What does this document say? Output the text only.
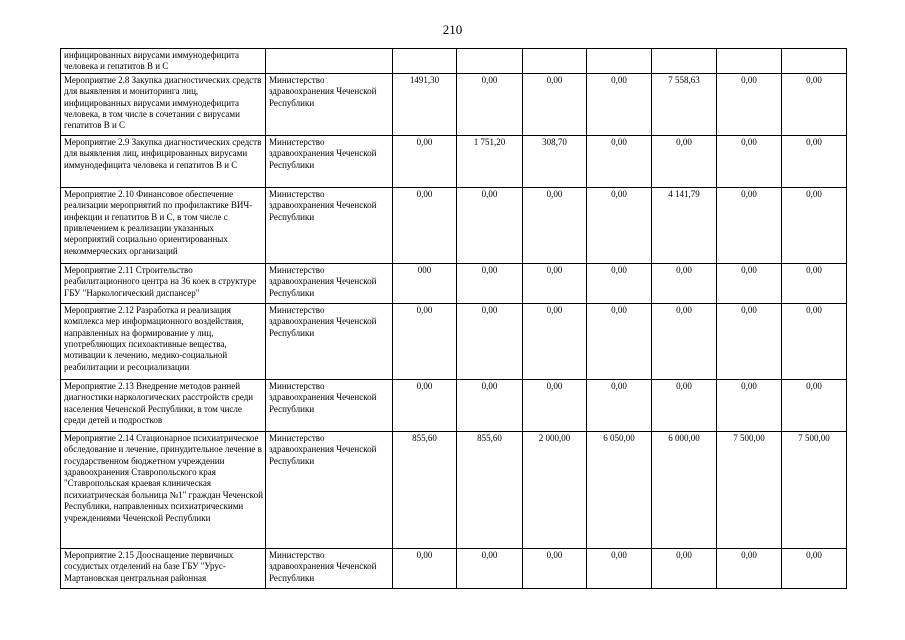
210
инфицированных вирусами иммунодефицита человека и гепатитов В и С								
Мероприятие 2.8 Закупка диагностических средств для выявления и мониторинга лиц, инфицированных вирусами иммунодефицита человека, в том числе в сочетании с вирусами гепатитов В и С	Министерство здравоохранения Чеченской Республики	1491,30	0,00	0,00	0,00	7 558,63	0,00	0,00
Мероприятие 2.9 Закупка диагностических средств для выявления лиц, инфицированных вирусами иммунодефицита человека и гепатитов В и С	Министерство здравоохранения Чеченской Республики	0,00	1 751,20	308,70	0,00	0,00	0,00	0,00
Мероприятие 2.10 Финансовое обеспечение реализации мероприятий по профилактике ВИЧ-инфекции и гепатитов В и С, в том числе с привлечением к реализации указанных мероприятий социально ориентированных некоммерческих организаций	Министерство здравоохранения Чеченской Республики	0,00	0,00	0,00	0,00	4 141,79	0,00	0,00
Мероприятие 2.11 Строительство реабилитационного центра на 36 коек в структуре ГБУ "Наркологический диспансер"	Министерство здравоохранения Чеченской Республики	000	0,00	0,00	0,00	0,00	0,00	0,00
Мероприятие 2.12 Разработка и реализация комплекса мер информационного воздействия, направленных на формирование у лиц, употребляющих психоактивные вещества, мотивации к лечению, медико-социальной реабилитации и ресоциализации	Министерство здравоохранения Чеченской Республики	0,00	0,00	0,00	0,00	0,00	0,00	0,00
Мероприятие 2.13 Внедрение методов ранней диагностики наркологических расстройств среди населения Чеченской Республики, в том числе среди детей и подростков	Министерство здравоохранения Чеченской Республики	0,00	0,00	0,00	0,00	0,00	0,00	0,00
Мероприятие 2.14 Стационарное психиатрическое обследование и лечение, принудительное лечение в государственном бюджетном учреждении здравоохранения Ставропольского края "Ставропольская краевая клиническая психиатрическая больница №1" граждан Чеченской Республики, направленных психиатрическими учреждениями Чеченской Республики	Министерство здравоохранения Чеченской Республики	855,60	855,60	2 000,00	6 050,00	6 000,00	7 500,00	7 500,00
Мероприятие 2.15 Дооснащение первичных сосудистых отделений на базе ГБУ "Урус-Мартановская центральная районная	Министерство здравоохранения Чеченской Республики	0,00	0,00	0,00	0,00	0,00	0,00	0,00
